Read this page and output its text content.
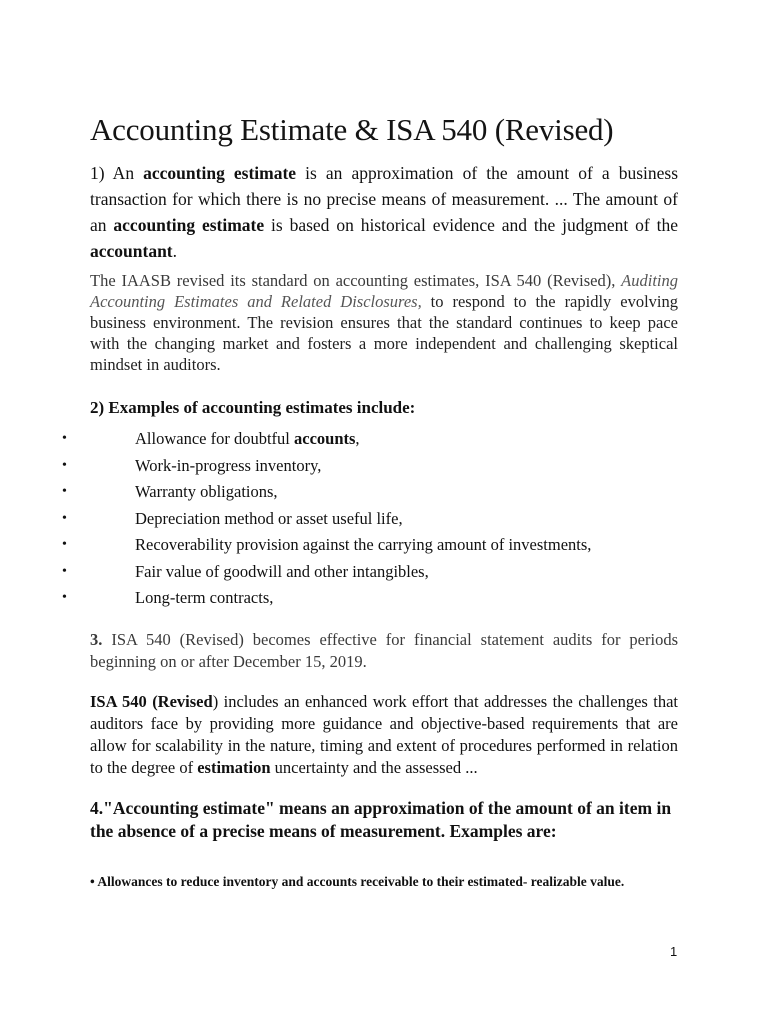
Accounting Estimate & ISA 540 (Revised)

1) An accounting estimate is an approximation of the amount of a business transaction for which there is no precise means of measurement. ... The amount of an accounting estimate is based on historical evidence and the judgment of the accountant.

The IAASB revised its standard on accounting estimates, ISA 540 (Revised), Auditing Accounting Estimates and Related Disclosures, to respond to the rapidly evolving business environment. The revision ensures that the standard continues to keep pace with the changing market and fosters a more independent and challenging skeptical mindset in auditors.

2) Examples of accounting estimates include:
•	Allowance for doubtful accounts,
•	Work-in-progress inventory,
•	Warranty obligations,
•	Depreciation method or asset useful life,
•	Recoverability provision against the carrying amount of investments,
•	Fair value of goodwill and other intangibles,
•	Long-term contracts,

3. ISA 540 (Revised) becomes effective for financial statement audits for periods beginning on or after December 15, 2019.

ISA 540 (Revised) includes an enhanced work effort that addresses the challenges that auditors face by providing more guidance and objective-based requirements that are allow for scalability in the nature, timing and extent of procedures performed in relation to the degree of estimation uncertainty and the assessed ...

4."Accounting estimate" means an approximation of the amount of an item in the absence of a precise means of measurement. Examples are:

• Allowances to reduce inventory and accounts receivable to their estimated- realizable value.

1
